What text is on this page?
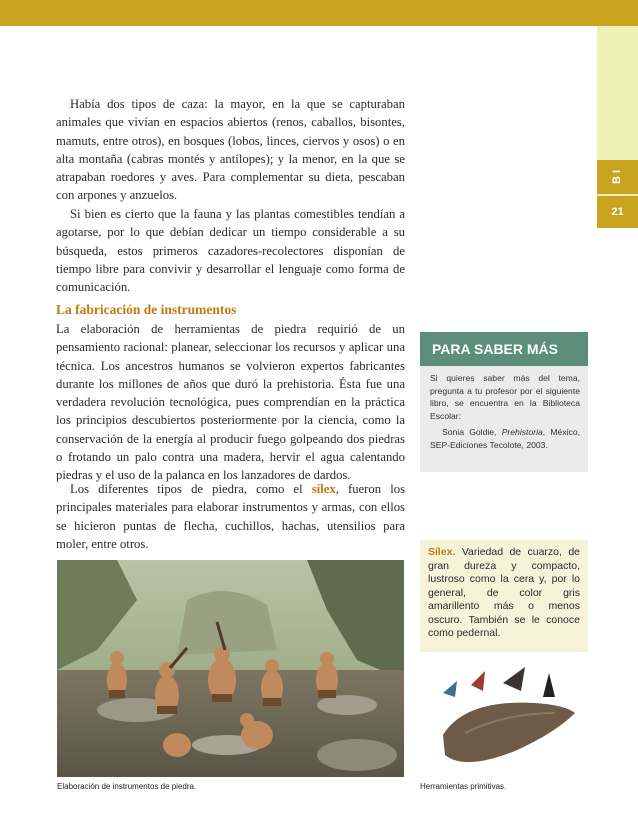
B I
21

Había dos tipos de caza: la mayor, en la que se capturaban animales que vivían en espacios abiertos (renos, caballos, bisontes, mamuts, entre otros), en bosques (lobos, linces, ciervos y osos) o en alta montaña (cabras montés y antílopes); y la menor, en la que se atrapaban roedores y aves. Para complementar su dieta, pescaban con arpones y anzuelos.

Si bien es cierto que la fauna y las plantas comestibles tendían a agotarse, por lo que debían dedicar un tiempo considerable a su búsqueda, estos primeros cazadores-recolectores disponían de tiempo libre para convivir y desarrollar el lenguaje como forma de comunicación.

La fabricación de instrumentos

La elaboración de herramientas de piedra requirió de un pensamiento racional: planear, seleccionar los recursos y aplicar una técnica. Los ancestros humanos se volvieron expertos fabricantes durante los millones de años que duró la prehistoria. Ésta fue una verdadera revolución tecnológica, pues comprendían en la práctica los principios descubiertos posteriormente por la ciencia, como la conservación de la energía al producir fuego golpeando dos piedras o frotando un palo contra una madera, hervir el agua calentando piedras y el uso de la palanca en los lanzadores de dardos.

Los diferentes tipos de piedra, como el sílex, fueron los principales materiales para elaborar instrumentos y armas, con ellos se hicieron puntas de flecha, cuchillos, hachas, utensilios para moler, entre otros.

PARA SABER MÁS

Si quieres saber más del tema, pregunta a tu profesor por el siguiente libro, se encuentra en la Biblioteca Escolar:

Sonia Goldie, Prehistoria, México, SEP-Ediciones Tecolote, 2003.

Sílex. Variedad de cuarzo, de gran dureza y compacto, lustroso como la cera y, por lo general, de color gris amarillento más o menos oscuro. También se le conoce como pedernal.
Elaboración de instrumentos de piedra.	Herramientas primitivas.
